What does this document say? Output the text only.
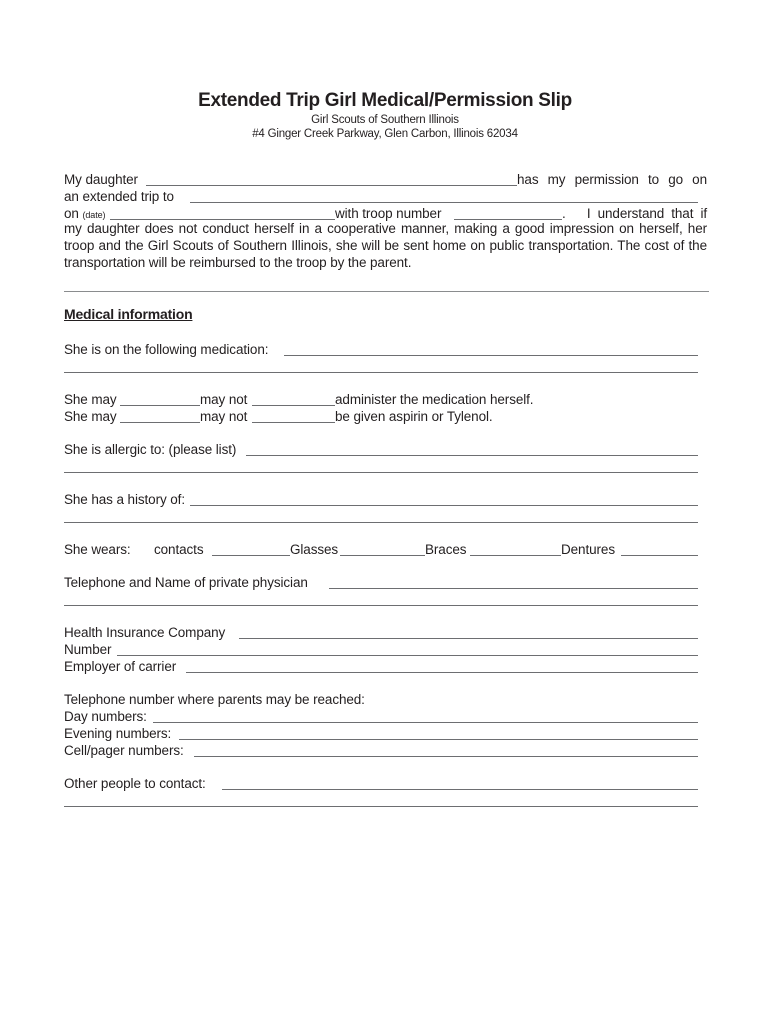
Extended Trip Girl Medical/Permission Slip
Girl Scouts of Southern Illinois
#4 Ginger Creek Parkway, Glen Carbon, Illinois 62034
My daughter	has my permission to go on
an extended trip to
on (date)	with troop number	.   I understand that if
my daughter does not conduct herself in a cooperative manner, making a good impression on herself, her troop and the Girl Scouts of Southern Illinois, she will be sent home on public transportation. The cost of the transportation will be reimbursed to the troop by the parent.
Medical information
She is on the following medication:
She may	may not	administer the medication herself.
She may	may not	be given aspirin or Tylenol.
She is allergic to: (please list)
She has a history of:
She wears: contacts	Glasses	Braces	Dentures
Telephone and Name of private physician
Health Insurance Company
Number
Employer of carrier
Telephone number where parents may be reached:
Day numbers:
Evening numbers:
Cell/pager numbers:
Other people to contact:
